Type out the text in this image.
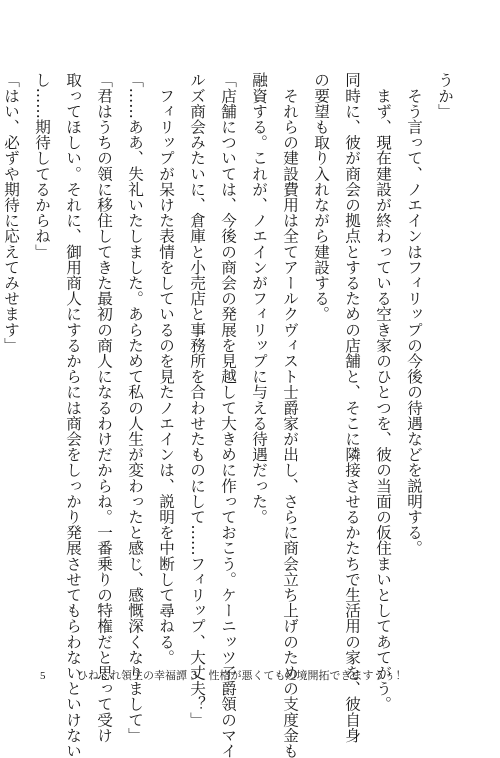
うか」
　そう言って、ノエインはフィリップの今後の待遇などを説明する。
　まず、現在建設が終わっている空き家のひとつを、彼の当面の仮住まいとしてあてがう。
同時に、彼が商会の拠点とするための店舗と、そこに隣接させるかたちで生活用の家を、彼自身
の要望も取り入れながら建設する。
　それらの建設費用は全てアールクヴィスト士爵家が出し、さらに商会立ち上げのための支度金も
融資する。これが、ノエインがフィリップに与える待遇だった。
「店舗については、今後の商会の発展を見越して大きめに作っておこう。ケーニッツ子爵領のマイ
ルズ商会みたいに、倉庫と小売店と事務所を合わせたものにして……フィリップ、大丈夫？」
　フィリップが呆けた表情をしているのを見たノエインは、説明を中断して尋ねる。
「……ああ、失礼いたしました。あらためて私の人生が変わったと感じ、感慨深くなりまして」
「君はうちの領に移住してきた最初の商人になるわけだからね。一番乗りの特権だと思って受け
取ってほしい。それに、御用商人にするからには商会をしっかり発展させてもらわないといけない
し……期待してるからね」
「はい、必ずや期待に応えてみせます」
5	ひねくれ領主の幸福譚 3　性格が悪くても辺境開拓できますうぅ！
